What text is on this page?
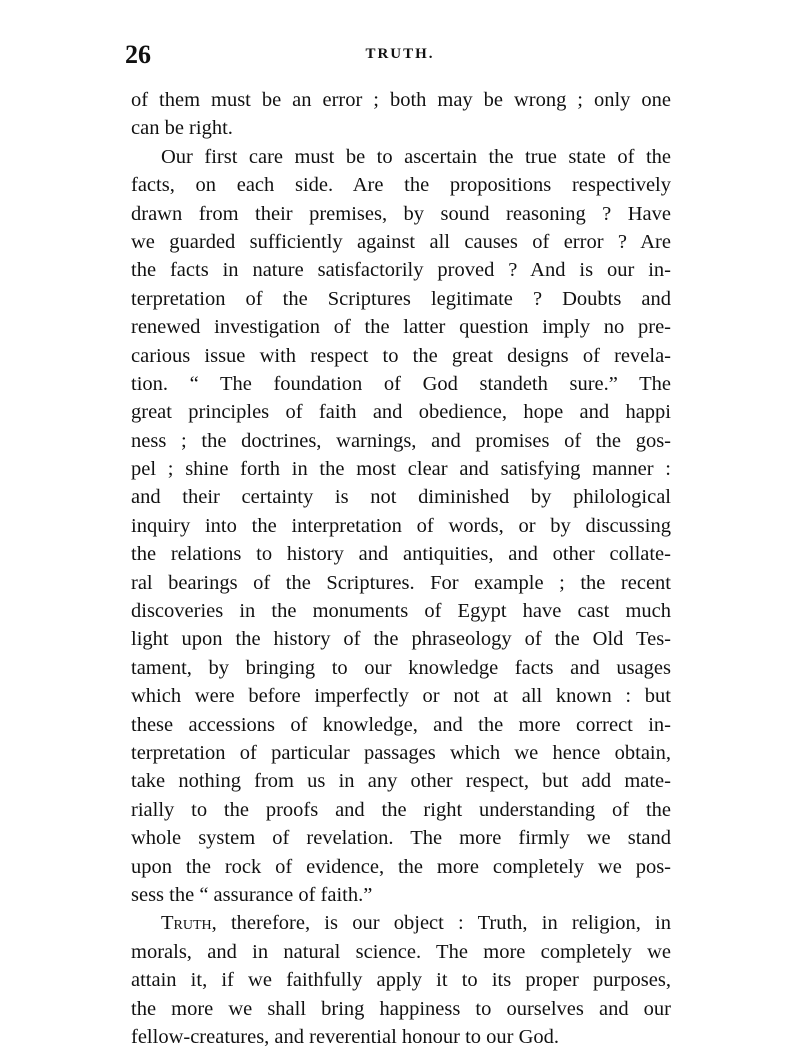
26	TRUTH.
of them must be an error ; both may be wrong ; only one
can be right.
Our first care must be to ascertain the true state of the
facts, on each side. Are the propositions respectively
drawn from their premises, by sound reasoning ? Have
we guarded sufficiently against all causes of error ? Are
the facts in nature satisfactorily proved ? And is our in-
terpretation of the Scriptures legitimate ? Doubts and
renewed investigation of the latter question imply no pre-
carious issue with respect to the great designs of revela-
tion. “ The foundation of God standeth sure.” The
great principles of faith and obedience, hope and happi
ness ; the doctrines, warnings, and promises of the gos-
pel ; shine forth in the most clear and satisfying manner :
and their certainty is not diminished by philological
inquiry into the interpretation of words, or by discussing
the relations to history and antiquities, and other collate-
ral bearings of the Scriptures. For example ; the recent
discoveries in the monuments of Egypt have cast much
light upon the history of the phraseology of the Old Tes-
tament, by bringing to our knowledge facts and usages
which were before imperfectly or not at all known : but
these accessions of knowledge, and the more correct in-
terpretation of particular passages which we hence obtain,
take nothing from us in any other respect, but add mate-
rially to the proofs and the right understanding of the
whole system of revelation. The more firmly we stand
upon the rock of evidence, the more completely we pos-
sess the “ assurance of faith.”
Truth, therefore, is our object : Truth, in religion, in
morals, and in natural science. The more completely we
attain it, if we faithfully apply it to its proper purposes,
the more we shall bring happiness to ourselves and our
fellow-creatures, and reverential honour to our God.
